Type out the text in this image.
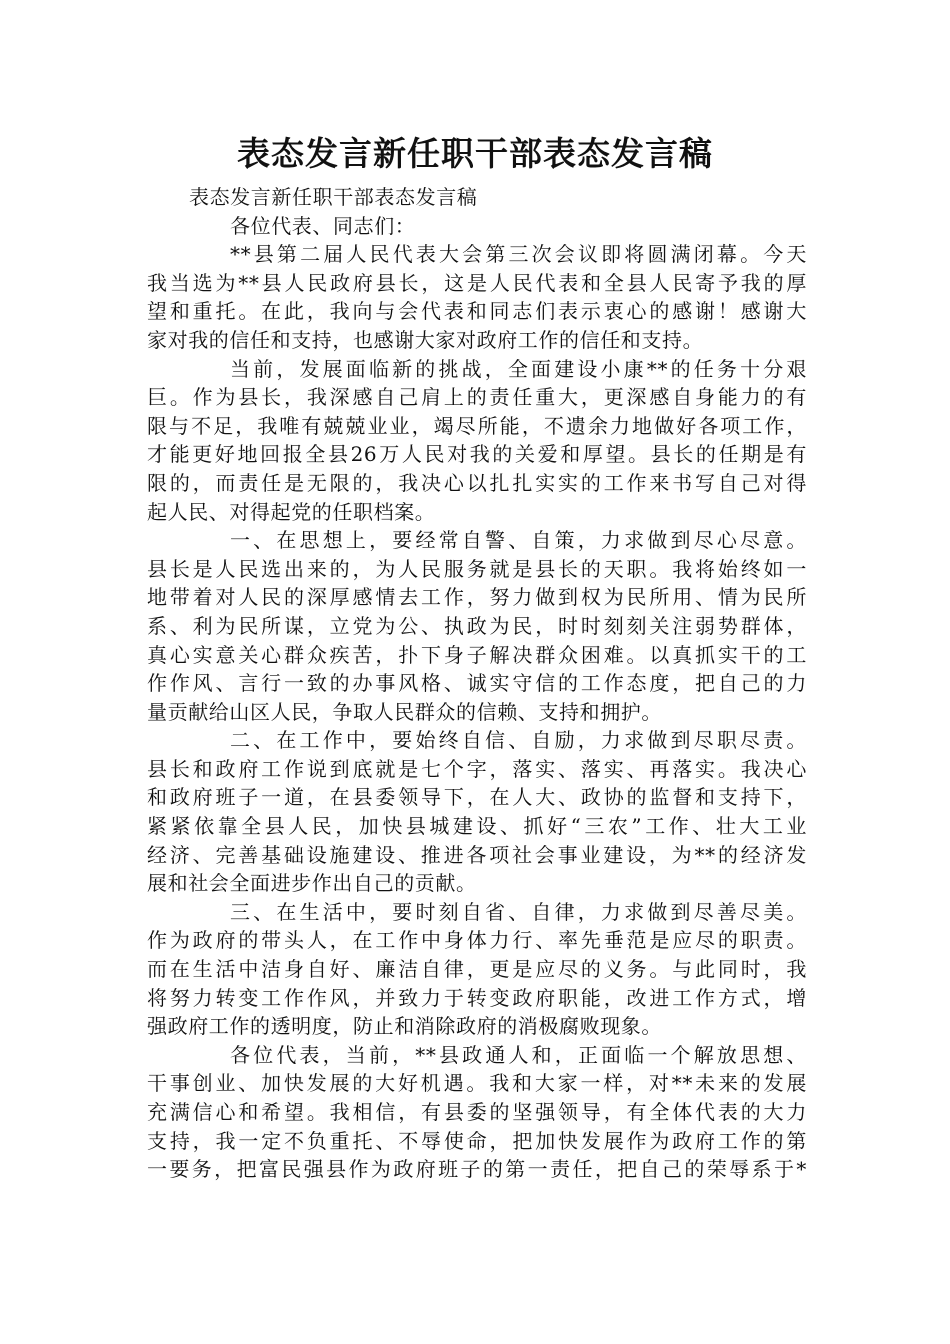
表态发言新任职干部表态发言稿
表态发言新任职干部表态发言稿
各位代表、同志们：
**县第二届人民代表大会第三次会议即将圆满闭幕。今天
我当选为**县人民政府县长，这是人民代表和全县人民寄予我的厚
望和重托。在此，我向与会代表和同志们表示衷心的感谢！感谢大
家对我的信任和支持，也感谢大家对政府工作的信任和支持。
当前，发展面临新的挑战，全面建设小康**的任务十分艰
巨。作为县长，我深感自己肩上的责任重大，更深感自身能力的有
限与不足，我唯有兢兢业业，竭尽所能，不遗余力地做好各项工作，
才能更好地回报全县26万人民对我的关爱和厚望。县长的任期是有
限的，而责任是无限的，我决心以扎扎实实的工作来书写自己对得
起人民、对得起党的任职档案。
一、在思想上，要经常自警、自策，力求做到尽心尽意。
县长是人民选出来的，为人民服务就是县长的天职。我将始终如一
地带着对人民的深厚感情去工作，努力做到权为民所用、情为民所
系、利为民所谋，立党为公、执政为民，时时刻刻关注弱势群体，
真心实意关心群众疾苦，扑下身子解决群众困难。以真抓实干的工
作作风、言行一致的办事风格、诚实守信的工作态度，把自己的力
量贡献给山区人民，争取人民群众的信赖、支持和拥护。
二、在工作中，要始终自信、自励，力求做到尽职尽责。
县长和政府工作说到底就是七个字，落实、落实、再落实。我决心
和政府班子一道，在县委领导下，在人大、政协的监督和支持下，
紧紧依靠全县人民，加快县城建设、抓好“三农”工作、壮大工业
经济、完善基础设施建设、推进各项社会事业建设，为**的经济发
展和社会全面进步作出自己的贡献。
三、在生活中，要时刻自省、自律，力求做到尽善尽美。
作为政府的带头人，在工作中身体力行、率先垂范是应尽的职责。
而在生活中洁身自好、廉洁自律，更是应尽的义务。与此同时，我
将努力转变工作作风，并致力于转变政府职能，改进工作方式，增
强政府工作的透明度，防止和消除政府的消极腐败现象。
各位代表，当前，**县政通人和，正面临一个解放思想、
干事创业、加快发展的大好机遇。我和大家一样，对**未来的发展
充满信心和希望。我相信，有县委的坚强领导，有全体代表的大力
支持，我一定不负重托、不辱使命，把加快发展作为政府工作的第
一要务，把富民强县作为政府班子的第一责任，把自己的荣辱系于*
